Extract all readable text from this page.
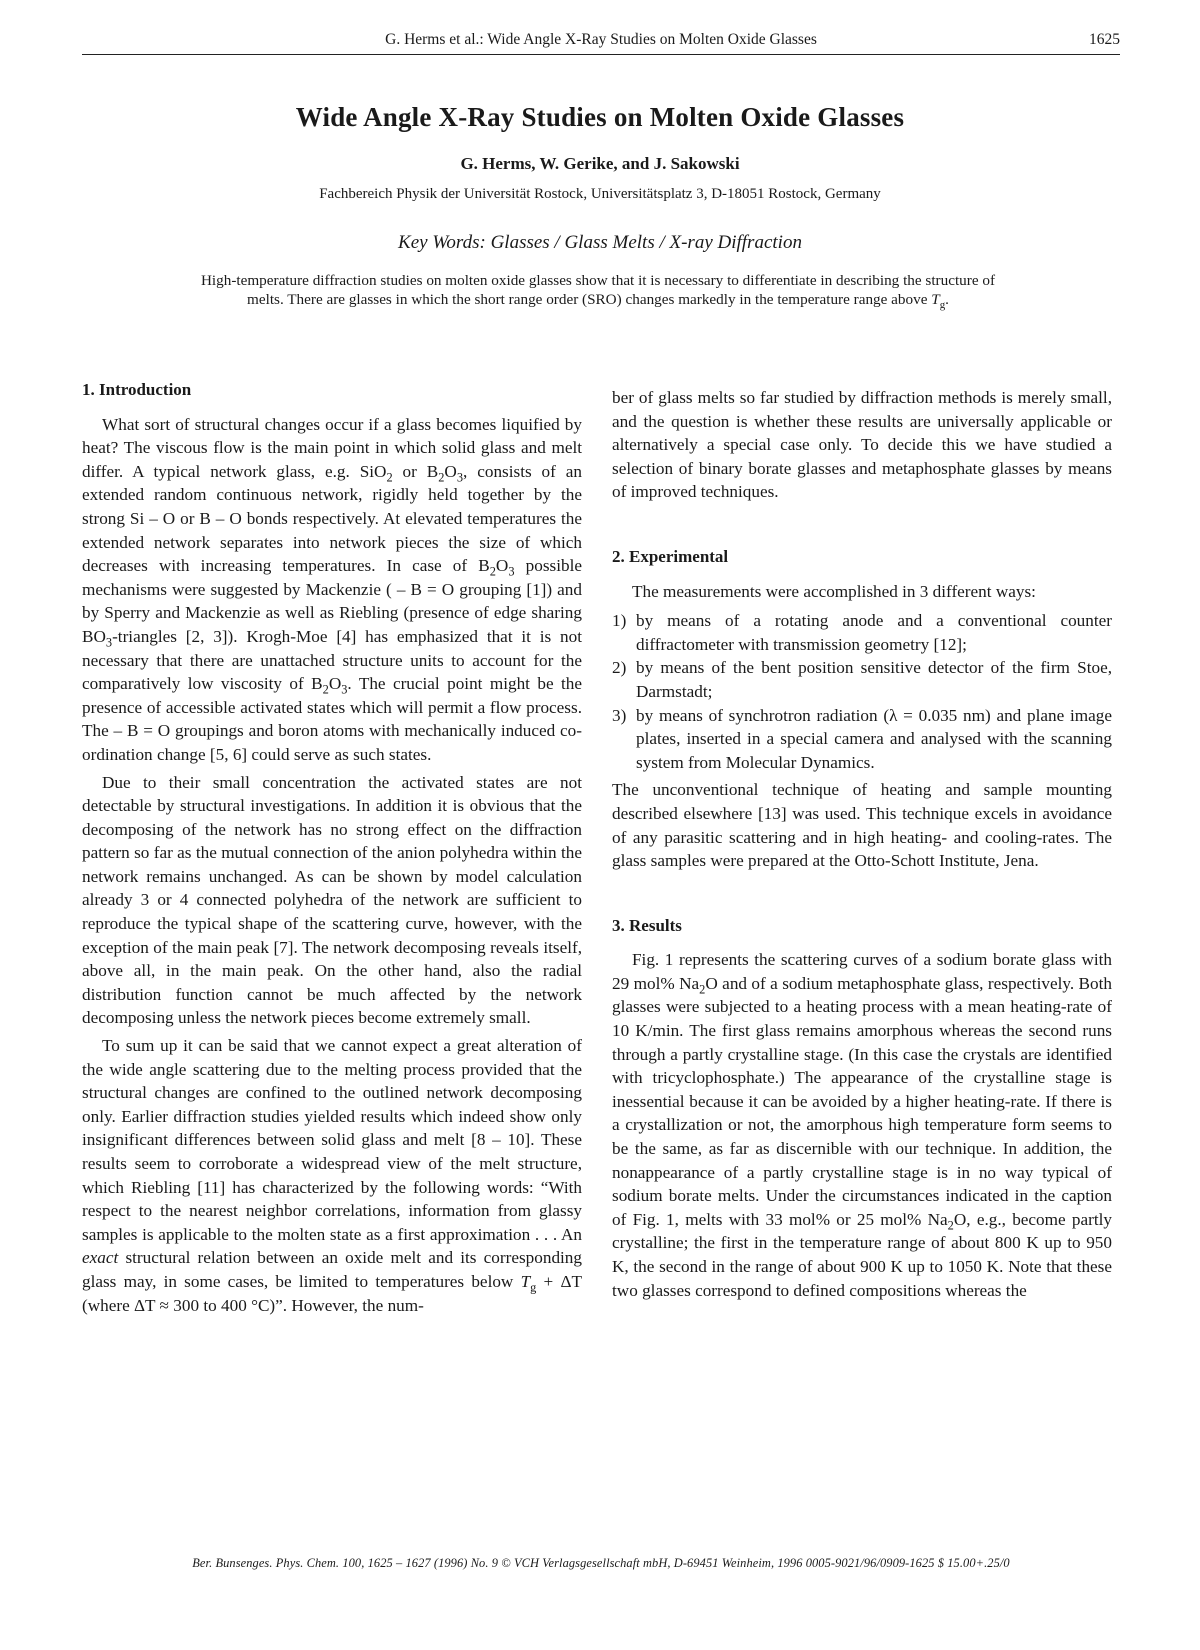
G. Herms et al.: Wide Angle X-Ray Studies on Molten Oxide Glasses	1625
Wide Angle X-Ray Studies on Molten Oxide Glasses
G. Herms, W. Gerike, and J. Sakowski
Fachbereich Physik der Universität Rostock, Universitätsplatz 3, D-18051 Rostock, Germany
Key Words: Glasses / Glass Melts / X-ray Diffraction
High-temperature diffraction studies on molten oxide glasses show that it is necessary to differentiate in describing the structure of melts. There are glasses in which the short range order (SRO) changes markedly in the temperature range above $T_g$.
1. Introduction

What sort of structural changes occur if a glass becomes liquified by heat? The viscous flow is the main point in which solid glass and melt differ. A typical network glass, e.g. SiO$_2$ or $B_2O_3$, consists of an extended random continuous network, rigidly held together by the strong Si – O or B – O bonds respectively. At elevated temperatures the extended network separates into network pieces the size of which decreases with increasing temperatures. In case of $B_2O_3$ possible mechanisms were suggested by Mackenzie ( – B = O grouping [1]) and by Sperry and Mackenzie as well as Riebling (presence of edge sharing $BO_3$-triangles [2, 3]). Krogh-Moe [4] has emphasized that it is not necessary that there are unattached structure units to account for the comparatively low viscosity of $B_2O_3$. The crucial point might be the presence of accessible activated states which will permit a flow process. The – B = O groupings and boron atoms with mechanically induced co-ordination change [5, 6] could serve as such states.

Due to their small concentration the activated states are not detectable by structural investigations. In addition it is obvious that the decomposing of the network has no strong effect on the diffraction pattern so far as the mutual connection of the anion polyhedra within the network remains unchanged. As can be shown by model calculation already 3 or 4 connected polyhedra of the network are sufficient to reproduce the typical shape of the scattering curve, however, with the exception of the main peak [7]. The network decomposing reveals itself, above all, in the main peak. On the other hand, also the radial distribution function cannot be much affected by the network decomposing unless the network pieces become extremely small.

To sum up it can be said that we cannot expect a great alteration of the wide angle scattering due to the melting process provided that the structural changes are confined to the outlined network decomposing only. Earlier diffraction studies yielded results which indeed show only insignificant differences between solid glass and melt [8 – 10]. These results seem to corroborate a widespread view of the melt structure, which Riebling [11] has characterized by the following words: “With respect to the nearest neighbor correlations, information from glassy samples is applicable to the molten state as a first approximation . . . An exact structural relation between an oxide melt and its corresponding glass may, in some cases, be limited to temperatures below $T_g + \Delta T$ (where ΔT ≈ 300 to 400 °C)”. However, the num-

ber of glass melts so far studied by diffraction methods is merely small, and the question is whether these results are universally applicable or alternatively a special case only. To decide this we have studied a selection of binary borate glasses and metaphosphate glasses by means of improved techniques.

2. Experimental

The measurements were accomplished in 3 different ways:

1) by means of a rotating anode and a conventional counter diffractometer with transmission geometry [12];
2) by means of the bent position sensitive detector of the firm Stoe, Darmstadt;
3) by means of synchrotron radiation (λ = 0.035 nm) and plane image plates, inserted in a special camera and analysed with the scanning system from Molecular Dynamics.

The unconventional technique of heating and sample mounting described elsewhere [13] was used. This technique excels in avoidance of any parasitic scattering and in high heating- and cooling-rates. The glass samples were prepared at the Otto-Schott Institute, Jena.

3. Results

Fig. 1 represents the scattering curves of a sodium borate glass with 29 mol% $Na_2O$ and of a sodium metaphosphate glass, respectively. Both glasses were subjected to a heating process with a mean heating-rate of 10 K/min. The first glass remains amorphous whereas the second runs through a partly crystalline stage. (In this case the crystals are identified with tricyclophosphate.) The appearance of the crystalline stage is inessential because it can be avoided by a higher heating-rate. If there is a crystallization or not, the amorphous high temperature form seems to be the same, as far as discernible with our technique. In addition, the nonappearance of a partly crystalline stage is in no way typical of sodium borate melts. Under the circumstances indicated in the caption of Fig. 1, melts with 33 mol% or 25 mol% $Na_2O$, e.g., become partly crystalline; the first in the temperature range of about 800 K up to 950 K, the second in the range of about 900 K up to 1050 K. Note that these two glasses correspond to defined compositions whereas the

Ber. Bunsenges. Phys. Chem. 100, 1625 – 1627 (1996) No. 9 © VCH Verlagsgesellschaft mbH, D-69451 Weinheim, 1996 0005-9021/96/0909-1625 $ 15.00+.25/0
